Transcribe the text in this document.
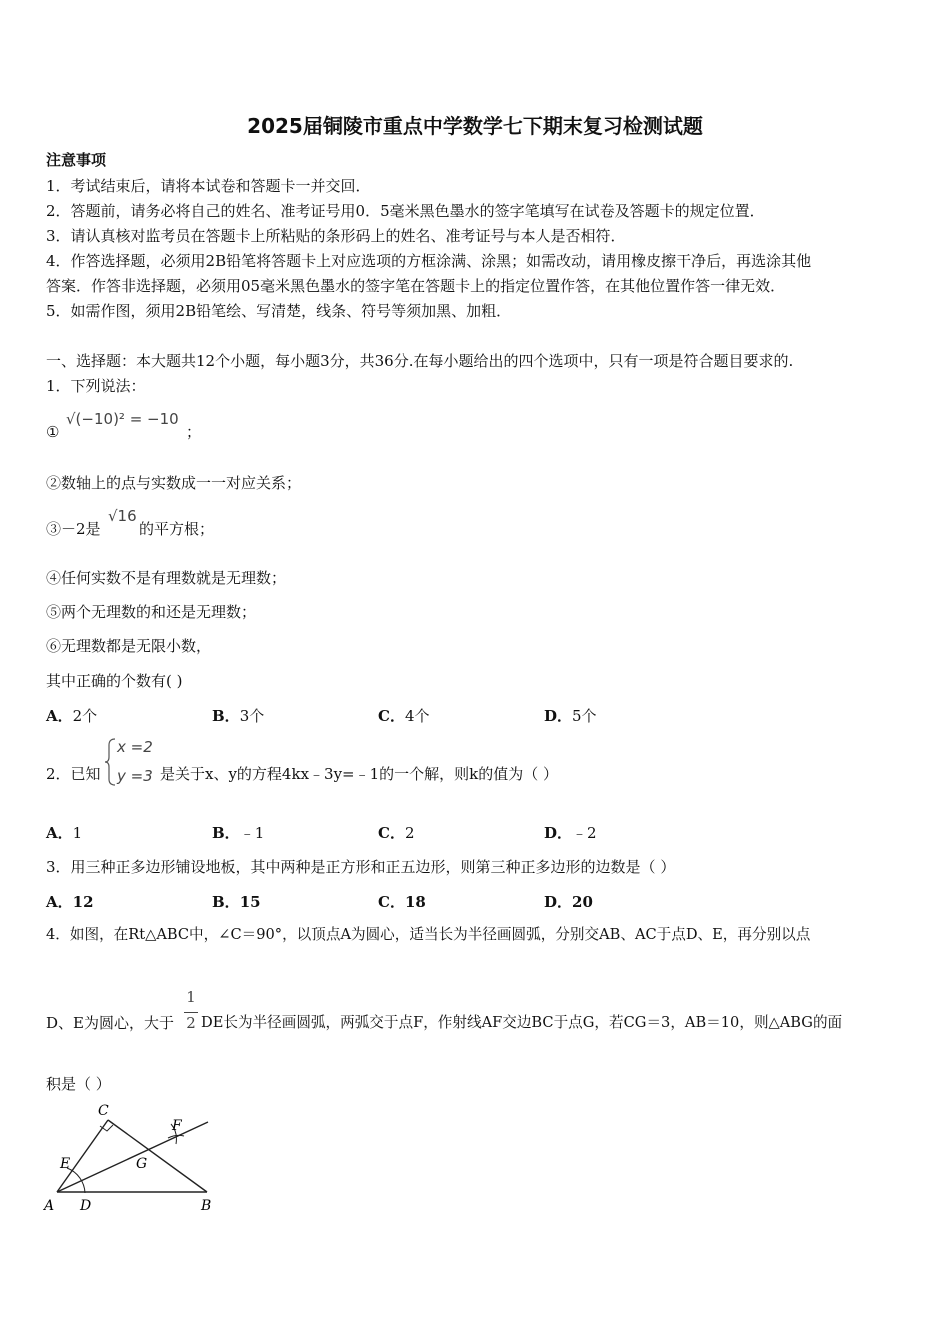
2025届铜陵市重点中学数学七下期末复习检测试题
注意事项
1．考试结束后，请将本试卷和答题卡一并交回．
2．答题前，请务必将自己的姓名、准考证号用0．5毫米黑色墨水的签字笔填写在试卷及答题卡的规定位置．
3．请认真核对监考员在答题卡上所粘贴的条形码上的姓名、准考证号与本人是否相符．
4．作答选择题，必须用2B铅笔将答题卡上对应选项的方框涂满、涂黑；如需改动，请用橡皮擦干净后，再选涂其他
答案．作答非选择题，必须用05毫米黑色墨水的签字笔在答题卡上的指定位置作答，在其他位置作答一律无效．
5．如需作图，须用2B铅笔绘、写清楚，线条、符号等须加黑、加粗．
一、选择题：本大题共12个小题，每小题3分，共36分.在每小题给出的四个选项中，只有一项是符合题目要求的.
1．下列说法：
①
√(−10)² = −10
；
②数轴上的点与实数成一一对应关系；
③－2是
√16
的平方根；
④任何实数不是有理数就是无理数；
⑤两个无理数的和还是无理数；
⑥无理数都是无限小数，
其中正确的个数有( )
A．2个	B．3个	C．4个	D．5个
2．已知
x =2
y =3 是关于x、y的方程4kx﹣3y=﹣1的一个解，则k的值为（ ）
A．1	B．﹣1	C．2	D．﹣2
3．用三种正多边形铺设地板，其中两种是正方形和正五边形，则第三种正多边形的边数是（ ）
A．12	B．15	C．18	D．20
4．如图，在Rt△ABC中，∠C＝90°，以顶点A为圆心，适当长为半径画圆弧，分别交AB、AC于点D、E，再分别以点
D、E为圆心，大于
1
2 DE长为半径画圆弧，两弧交于点F，作射线AF交边BC于点G，若CG＝3，AB＝10，则△ABG的面
积是（ ）
C
E	G
F
A D	B
